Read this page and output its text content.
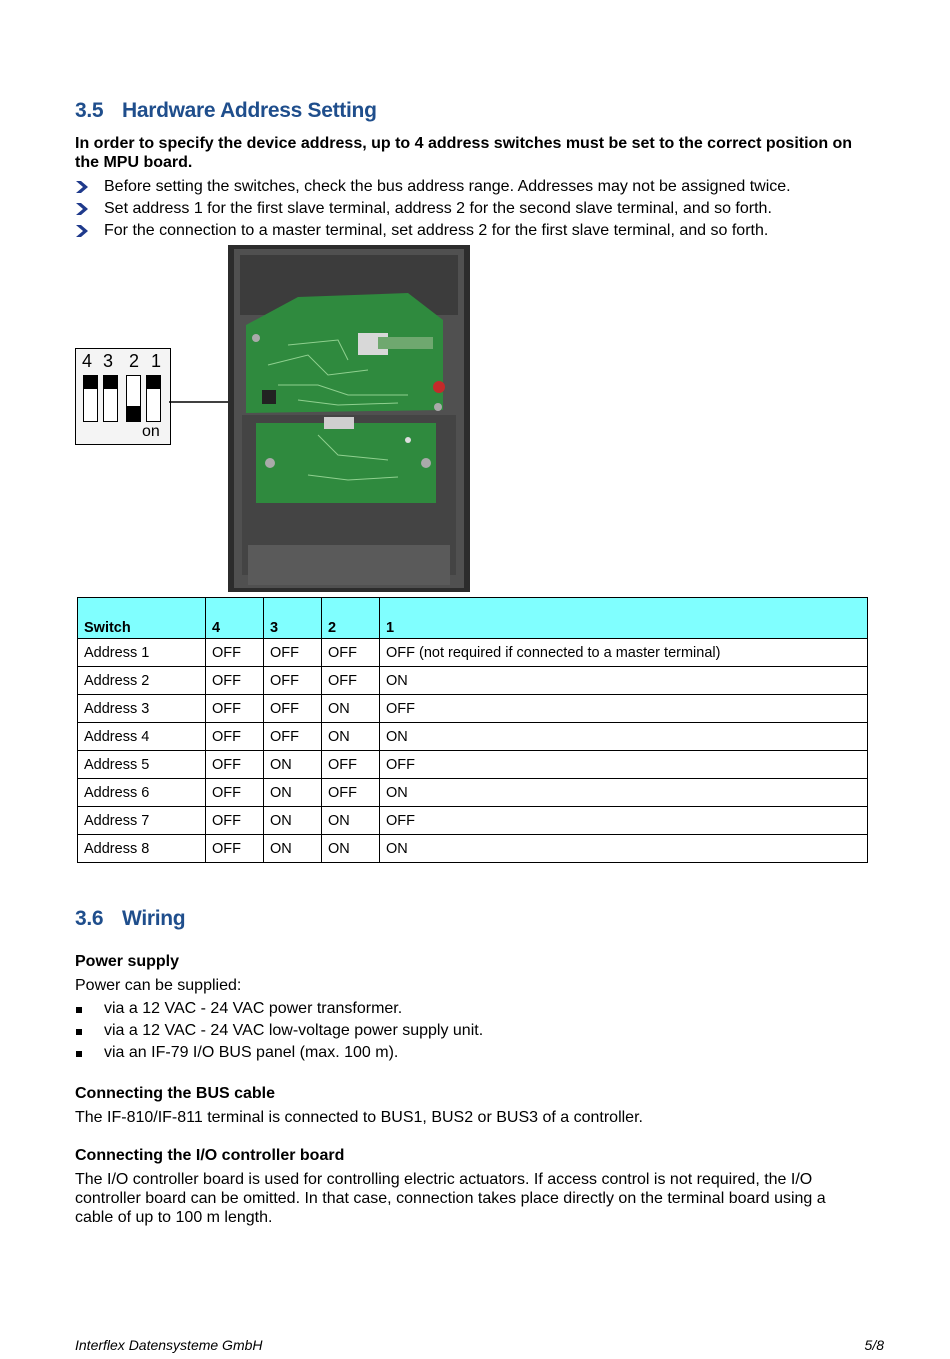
3.5 Hardware Address Setting
In order to specify the device address, up to 4 address switches must be set to the correct position on the MPU board.
Before setting the switches, check the bus address range. Addresses may not be assigned twice.
Set address 1 for the first slave terminal, address 2 for the second slave terminal, and so forth.
For the connection to a master terminal, set address 2 for the first slave terminal, and so forth.
4 3 2 1
on
Switch	4	3	2	1
Address 1	OFF	OFF	OFF	OFF (not required if connected to a master terminal)
Address 2	OFF	OFF	OFF	ON
Address 3	OFF	OFF	ON	OFF
Address 4	OFF	OFF	ON	ON
Address 5	OFF	ON	OFF	OFF
Address 6	OFF	ON	OFF	ON
Address 7	OFF	ON	ON	OFF
Address 8	OFF	ON	ON	ON
3.6 Wiring
Power supply
Power can be supplied:
via a 12 VAC - 24 VAC power transformer.
via a 12 VAC - 24 VAC low-voltage power supply unit.
via an IF-79 I/O BUS panel (max. 100 m).
Connecting the BUS cable
The IF-810/IF-811 terminal is connected to BUS1, BUS2 or BUS3 of a controller.
Connecting the I/O controller board
The I/O controller board is used for controlling electric actuators. If access control is not required, the I/O
controller board can be omitted. In that case, connection takes place directly on the terminal board using a
cable of up to 100 m length.
Interflex Datensysteme GmbH	5/8
